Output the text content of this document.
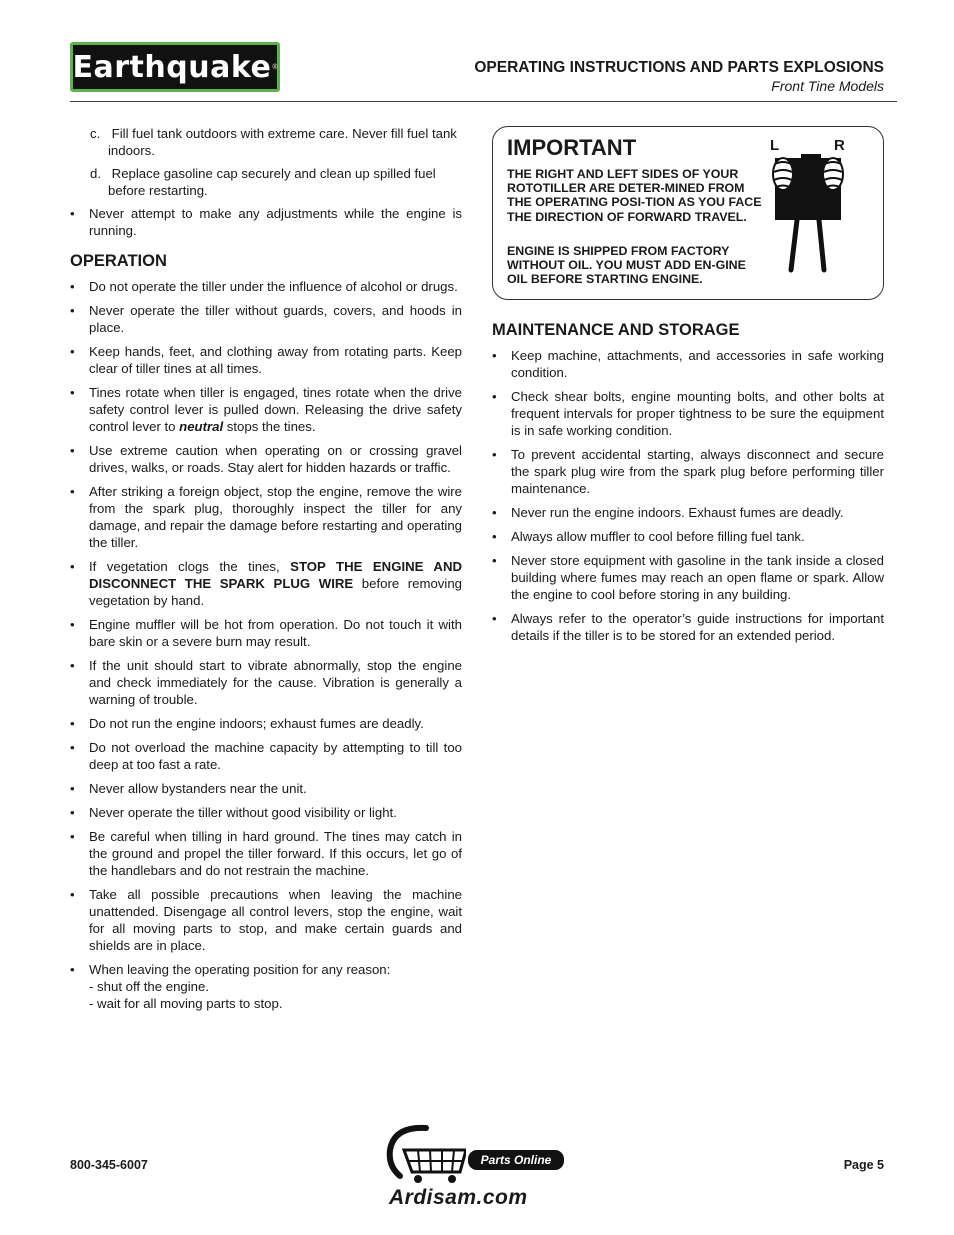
Earthquake ®	OPERATING INSTRUCTIONS AND PARTS EXPLOSIONS
Front Tine Models

c. Fill fuel tank outdoors with extreme care. Never fill fuel tank indoors.

d. Replace gasoline cap securely and clean up spilled fuel before restarting.

• Never attempt to make any adjustments while the engine is running.

OPERATION

• Do not operate the tiller under the influence of alcohol or drugs.

• Never operate the tiller without guards, covers, and hoods in place.

• Keep hands, feet, and clothing away from rotating parts. Keep clear of tiller tines at all times.

• Tines rotate when tiller is engaged, tines rotate when the drive safety control lever is pulled down. Releasing the drive safety control lever to neutral stops the tines.

• Use extreme caution when operating on or crossing gravel drives, walks, or roads. Stay alert for hidden hazards or traffic.

• After striking a foreign object, stop the engine, remove the wire from the spark plug, thoroughly inspect the tiller for any damage, and repair the damage before restarting and operating the tiller.

• If vegetation clogs the tines, STOP THE ENGINE AND DISCONNECT THE SPARK PLUG WIRE before removing vegetation by hand.

• Engine muffler will be hot from operation. Do not touch it with bare skin or a severe burn may result.

• If the unit should start to vibrate abnormally, stop the engine and check immediately for the cause. Vibration is generally a warning of trouble.

• Do not run the engine indoors; exhaust fumes are deadly.

• Do not overload the machine capacity by attempting to till too deep at too fast a rate.

• Never allow bystanders near the unit.

• Never operate the tiller without good visibility or light.

• Be careful when tilling in hard ground. The tines may catch in the ground and propel the tiller forward. If this occurs, let go of the handlebars and do not restrain the machine.

• Take all possible precautions when leaving the machine unattended. Disengage all control levers, stop the engine, wait for all moving parts to stop, and make certain guards and shields are in place.

• When leaving the operating position for any reason:
- shut off the engine.
- wait for all moving parts to stop.

IMPORTANT
THE RIGHT AND LEFT SIDES OF YOUR ROTOTILLER ARE DETER-MINED FROM THE OPERATING POSI-TION AS YOU FACE THE DIRECTION OF FORWARD TRAVEL.
ENGINE IS SHIPPED FROM FACTORY WITHOUT OIL. YOU MUST ADD EN-GINE OIL BEFORE STARTING ENGINE.
L	R
MAINTENANCE AND STORAGE

• Keep machine, attachments, and accessories in safe working condition.

• Check shear bolts, engine mounting bolts, and other bolts at frequent intervals for proper tightness to be sure the equipment is in safe working condition.

• To prevent accidental starting, always disconnect and secure the spark plug wire from the spark plug before performing tiller maintenance.

• Never run the engine indoors. Exhaust fumes are deadly.

• Always allow muffler to cool before filling fuel tank.

• Never store equipment with gasoline in the tank inside a closed building where fumes may reach an open flame or spark. Allow the engine to cool before storing in any building.

• Always refer to the operator’s guide instructions for important details if the tiller is to be stored for an extended period.

800-345-6007	Parts Online
Ardisam.com
Page 5
